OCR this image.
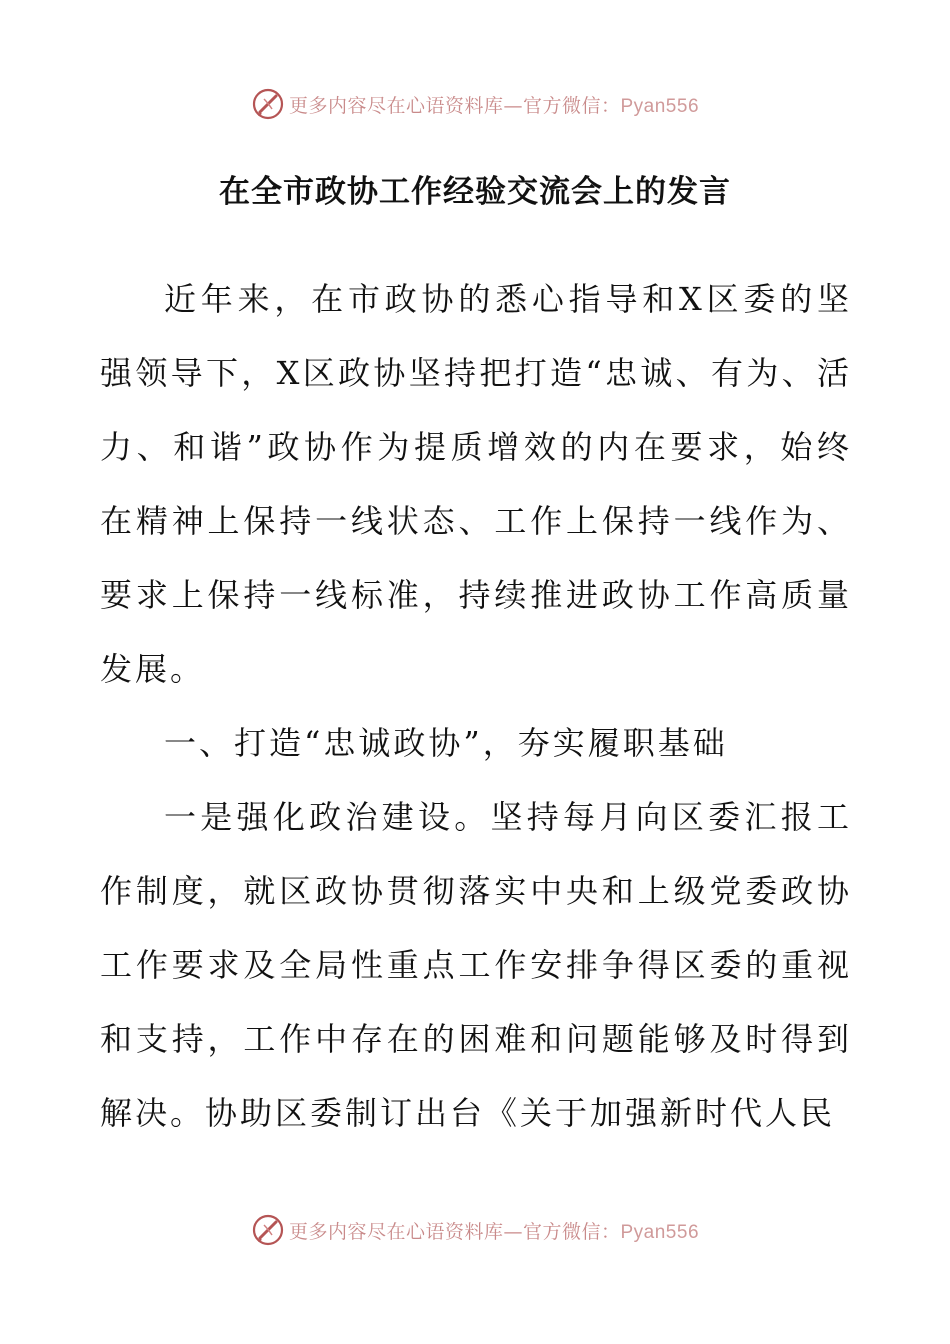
更多内容尽在心语资料库—官方微信：Pyan556
在全市政协工作经验交流会上的发言

近年来，在市政协的悉心指导和X区委的坚强领导下，X区政协坚持把打造“忠诚、有为、活力、和谐”政协作为提质增效的内在要求，始终在精神上保持一线状态、工作上保持一线作为、要求上保持一线标准，持续推进政协工作高质量发展。

一、打造“忠诚政协”，夯实履职基础

一是强化政治建设。坚持每月向区委汇报工作制度，就区政协贯彻落实中央和上级党委政协工作要求及全局性重点工作安排争得区委的重视和支持，工作中存在的困难和问题能够及时得到解决。协助区委制订出台《关于加强新时代人民

更多内容尽在心语资料库—官方微信：Pyan556
